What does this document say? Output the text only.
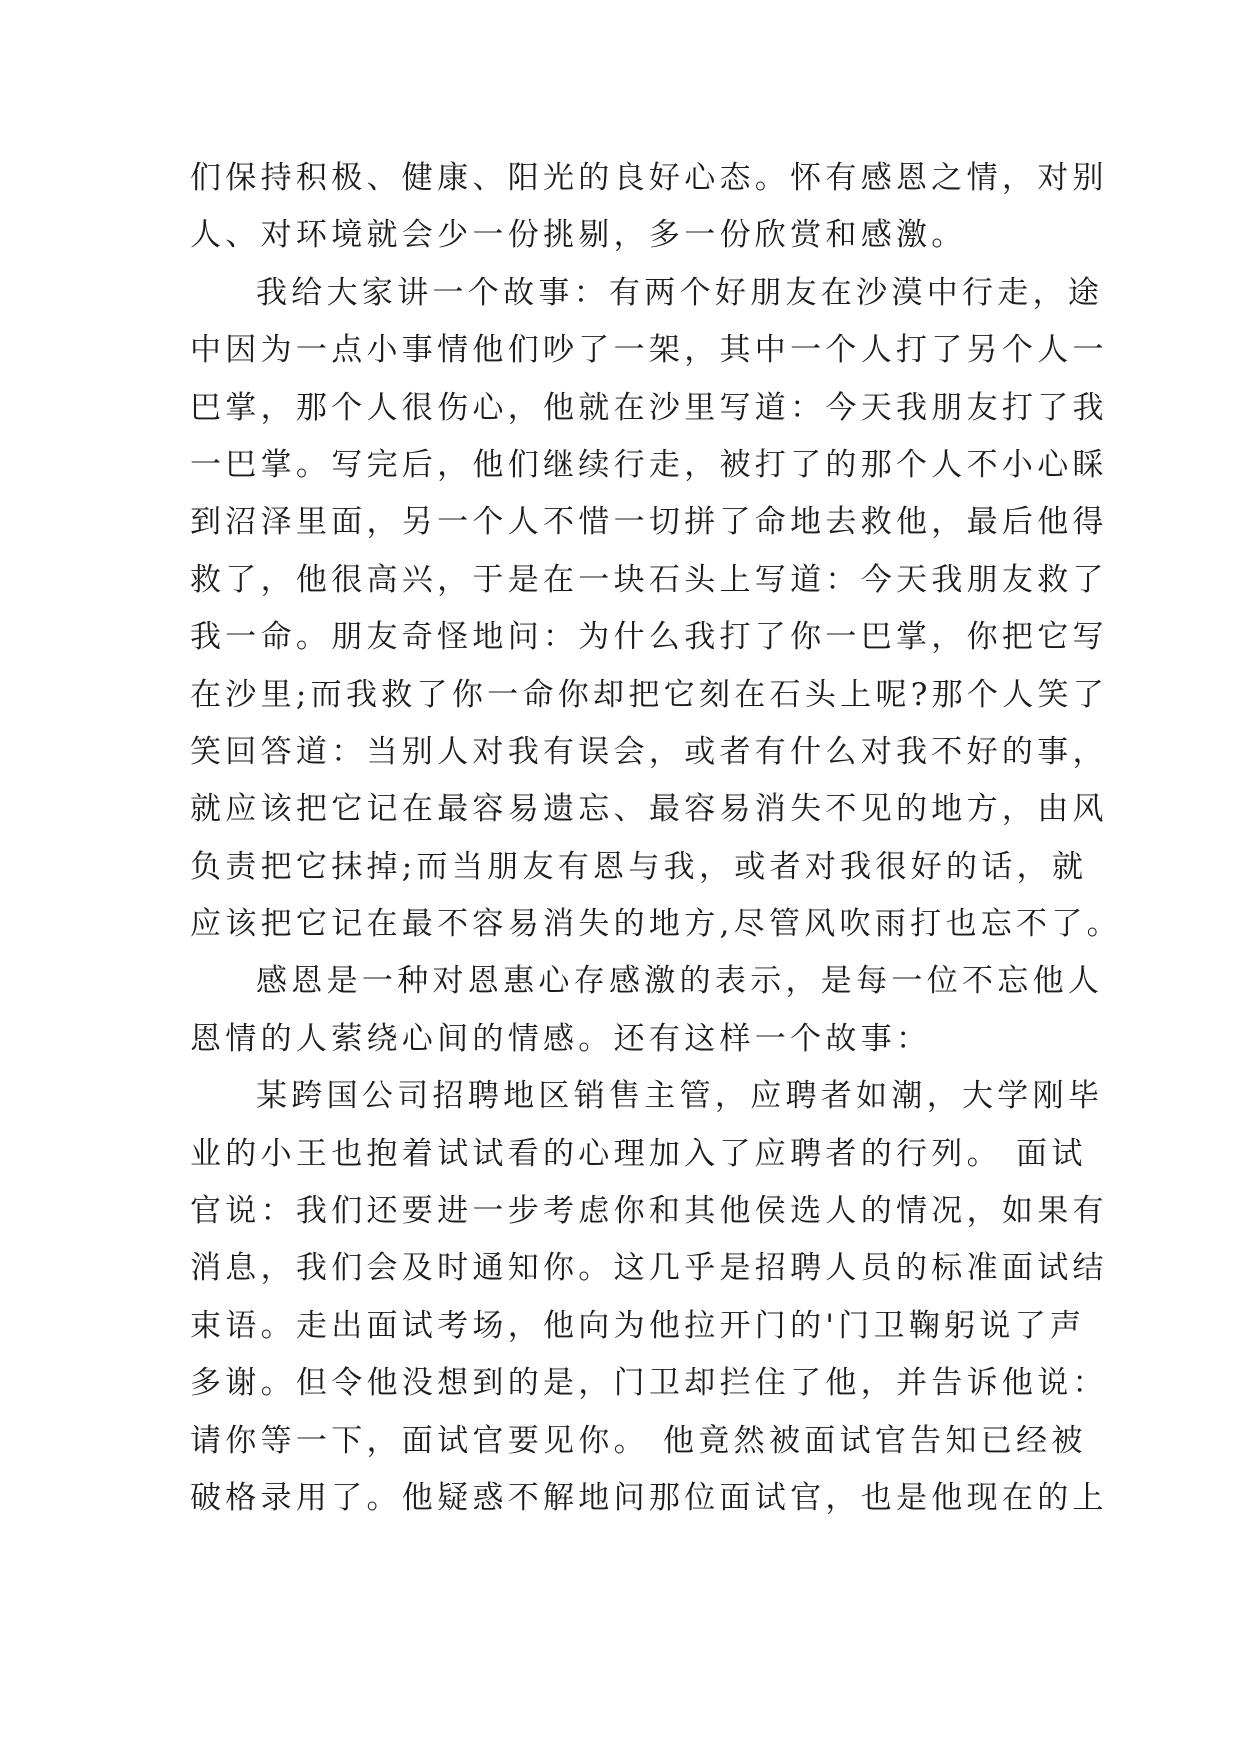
们保持积极、健康、阳光的良好心态。怀有感恩之情，对别
人、对环境就会少一份挑剔，多一份欣赏和感激。
我给大家讲一个故事：有两个好朋友在沙漠中行走，途
中因为一点小事情他们吵了一架，其中一个人打了另个人一
巴掌，那个人很伤心，他就在沙里写道：今天我朋友打了我
一巴掌。写完后，他们继续行走，被打了的那个人不小心睬
到沼泽里面，另一个人不惜一切拼了命地去救他，最后他得
救了，他很高兴，于是在一块石头上写道：今天我朋友救了
我一命。朋友奇怪地问：为什么我打了你一巴掌，你把它写
在沙里;而我救了你一命你却把它刻在石头上呢?那个人笑了
笑回答道：当别人对我有误会，或者有什么对我不好的事，
就应该把它记在最容易遗忘、最容易消失不见的地方，由风
负责把它抹掉;而当朋友有恩与我，或者对我很好的话，就
应该把它记在最不容易消失的地方,尽管风吹雨打也忘不了。
感恩是一种对恩惠心存感激的表示，是每一位不忘他人
恩情的人萦绕心间的情感。还有这样一个故事：
某跨国公司招聘地区销售主管，应聘者如潮，大学刚毕
业的小王也抱着试试看的心理加入了应聘者的行列。 面试
官说：我们还要进一步考虑你和其他侯选人的情况，如果有
消息，我们会及时通知你。这几乎是招聘人员的标准面试结
束语。走出面试考场，他向为他拉开门的'门卫鞠躬说了声
多谢。但令他没想到的是，门卫却拦住了他，并告诉他说：
请你等一下，面试官要见你。 他竟然被面试官告知已经被
破格录用了。他疑惑不解地问那位面试官，也是他现在的上
